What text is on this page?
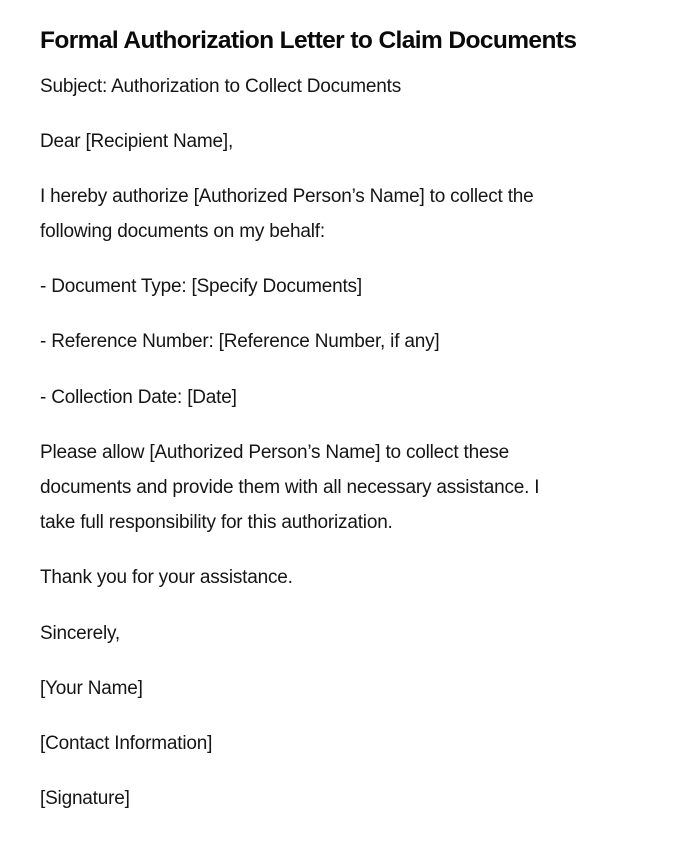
Formal Authorization Letter to Claim Documents

Subject: Authorization to Collect Documents

Dear [Recipient Name],

I hereby authorize [Authorized Person’s Name] to collect the

following documents on my behalf:

- Document Type: [Specify Documents]

- Reference Number: [Reference Number, if any]

- Collection Date: [Date]

Please allow [Authorized Person’s Name] to collect these

documents and provide them with all necessary assistance. I

take full responsibility for this authorization.

Thank you for your assistance.

Sincerely,

[Your Name]

[Contact Information]

[Signature]
